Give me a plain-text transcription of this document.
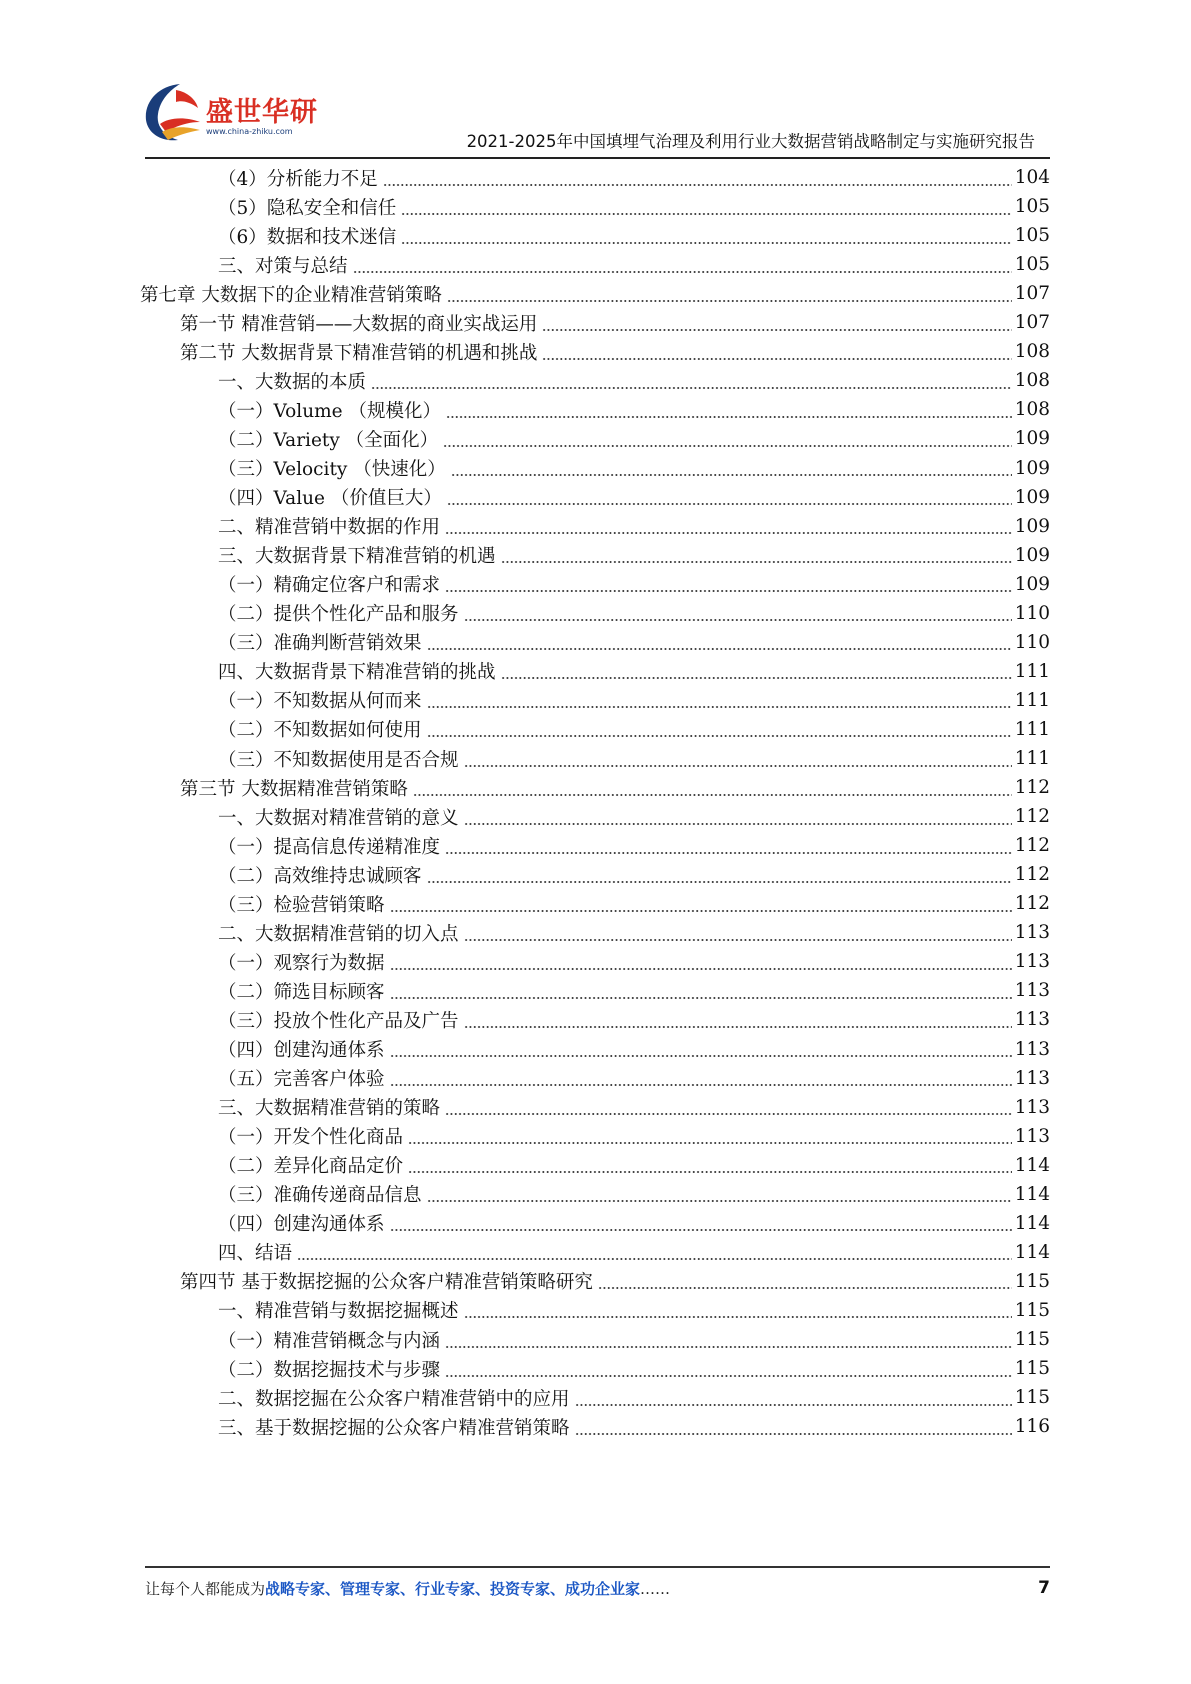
盛世华研
www.china-zhiku.com
2021-2025年中国填埋气治理及利用行业大数据营销战略制定与实施研究报告
（4）分析能力不足	104
（5）隐私安全和信任	105
（6）数据和技术迷信	105
三、对策与总结	105
第七章 大数据下的企业精准营销策略	107
第一节 精准营销——大数据的商业实战运用	107
第二节 大数据背景下精准营销的机遇和挑战	108
一、大数据的本质	108
（一）Volume （规模化）	108
（二）Variety （全面化）	109
（三）Velocity （快速化）	109
（四）Value （价值巨大）	109
二、精准营销中数据的作用	109
三、大数据背景下精准营销的机遇	109
（一）精确定位客户和需求	109
（二）提供个性化产品和服务	110
（三）准确判断营销效果	110
四、大数据背景下精准营销的挑战	111
（一）不知数据从何而来	111
（二）不知数据如何使用	111
（三）不知数据使用是否合规	111
第三节 大数据精准营销策略	112
一、大数据对精准营销的意义	112
（一）提高信息传递精准度	112
（二）高效维持忠诚顾客	112
（三）检验营销策略	112
二、大数据精准营销的切入点	113
（一）观察行为数据	113
（二）筛选目标顾客	113
（三）投放个性化产品及广告	113
（四）创建沟通体系	113
（五）完善客户体验	113
三、大数据精准营销的策略	113
（一）开发个性化商品	113
（二）差异化商品定价	114
（三）准确传递商品信息	114
（四）创建沟通体系	114
四、结语	114
第四节 基于数据挖掘的公众客户精准营销策略研究	115
一、精准营销与数据挖掘概述	115
（一）精准营销概念与内涵	115
（二）数据挖掘技术与步骤	115
二、数据挖掘在公众客户精准营销中的应用	115
三、基于数据挖掘的公众客户精准营销策略	116
让每个人都能成为战略专家、管理专家、行业专家、投资专家、成功企业家……	7
